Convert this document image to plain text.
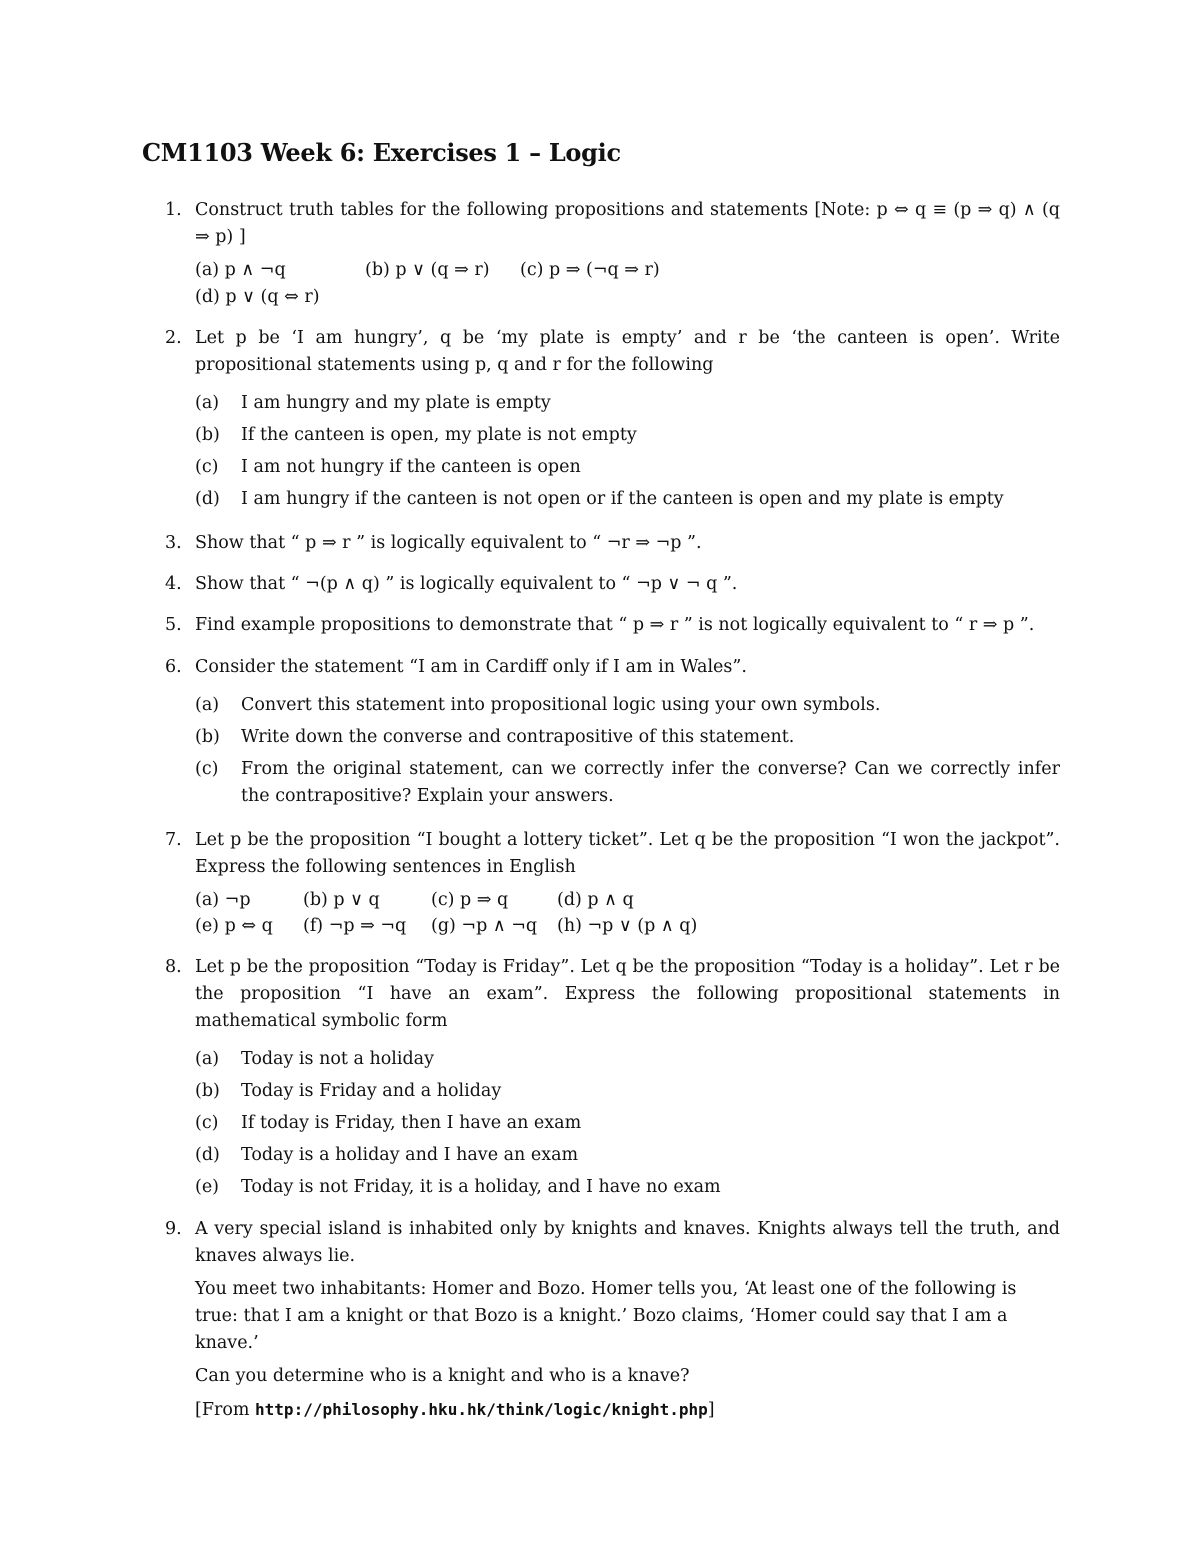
CM1103 Week 6: Exercises 1 – Logic
1. Construct truth tables for the following propositions and statements [Note: p ⇔ q ≡ (p ⇒ q) ∧ (q ⇒ p) ]
(a) p ∧ ¬q	(b) p ∨ (q ⇒ r)	(c) p ⇒ (¬q ⇒ r)
(d) p ∨ (q ⇔ r)
2. Let p be ‘I am hungry’, q be ‘my plate is empty’ and r be ‘the canteen is open’. Write propositional statements using p, q and r for the following
(a)	I am hungry and my plate is empty
(b)	If the canteen is open, my plate is not empty
(c)	I am not hungry if the canteen is open
(d)	I am hungry if the canteen is not open or if the canteen is open and my plate is empty
3. Show that “ p ⇒ r ” is logically equivalent to “ ¬r ⇒ ¬p ”.
4. Show that “ ¬(p ∧ q) ” is logically equivalent to “ ¬p ∨ ¬ q ”.
5. Find example propositions to demonstrate that “ p ⇒ r ” is not logically equivalent to “ r ⇒ p ”.
6. Consider the statement “I am in Cardiff only if I am in Wales”.
(a)	Convert this statement into propositional logic using your own symbols.
(b)	Write down the converse and contrapositive of this statement.
(c)	From the original statement, can we correctly infer the converse? Can we correctly infer the contrapositive? Explain your answers.
7. Let p be the proposition “I bought a lottery ticket”. Let q be the proposition “I won the jackpot”. Express the following sentences in English
(a) ¬p	(b) p ∨ q	(c) p ⇒ q	(d) p ∧ q
(e) p ⇔ q	(f) ¬p ⇒ ¬q	(g) ¬p ∧ ¬q	(h) ¬p ∨ (p ∧ q)
8. Let p be the proposition “Today is Friday”. Let q be the proposition “Today is a holiday”. Let r be the proposition “I have an exam”. Express the following propositional statements in mathematical symbolic form
(a)	Today is not a holiday
(b)	Today is Friday and a holiday
(c)	If today is Friday, then I have an exam
(d)	Today is a holiday and I have an exam
(e)	Today is not Friday, it is a holiday, and I have no exam
9. A very special island is inhabited only by knights and knaves. Knights always tell the truth, and knaves always lie.
You meet two inhabitants: Homer and Bozo. Homer tells you, ‘At least one of the following is true: that I am a knight or that Bozo is a knight.’ Bozo claims, ‘Homer could say that I am a knave.’
Can you determine who is a knight and who is a knave?
[From http://philosophy.hku.hk/think/logic/knight.php]
